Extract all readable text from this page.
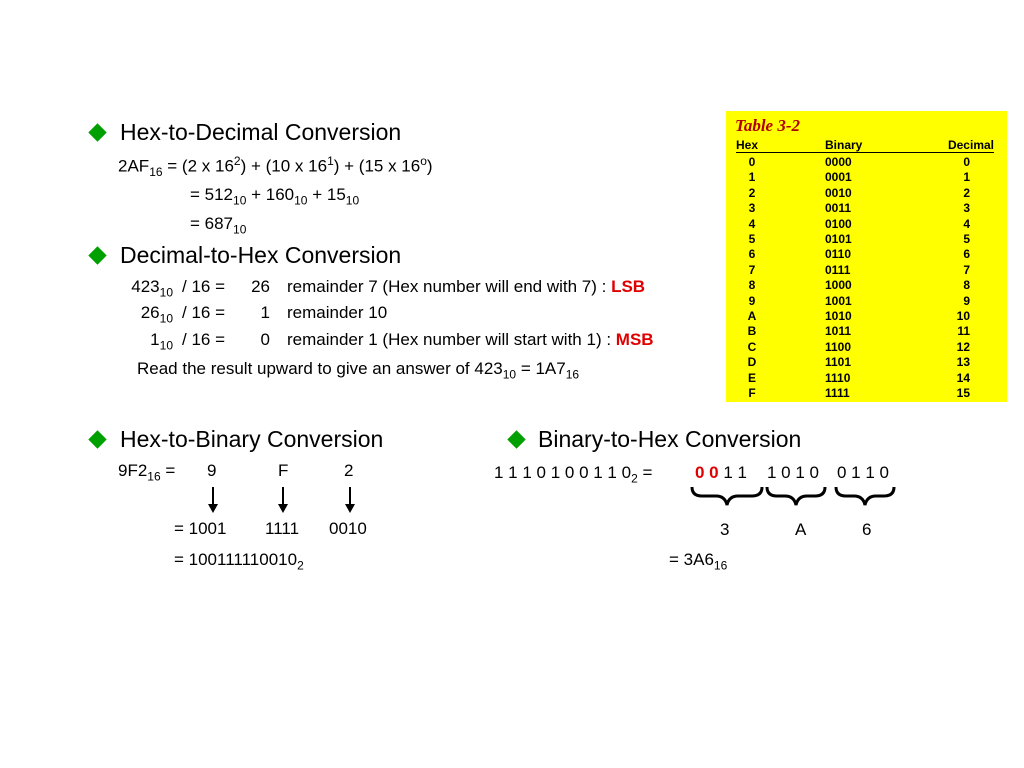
Hex-to-Decimal Conversion
$2AF_{16} = (2$ x $16^2) + (10$ x $16^1) + (15$ x $16^o$)
= $512_{10} + 160_{10} + 15_{10}$
= $687_{10}$
Decimal-to-Hex Conversion
$423_{10} / 16 = 26$ remainder 7 (Hex number will end with 7) : LSB
$26_{10} / 16 = 1$ remainder 10
$1_{10} / 16 = 0$ remainder 1 (Hex number will start with 1) : MSB
Read the result upward to give an answer of $423_{10} = 1A7_{16}$
Table 3-2
Hex	Binary	Decimal
0	0000	0
1	0001	1
2	0010	2
3	0011	3
4	0100	4
5	0101	5
6	0110	6
7	0111	7
8	1000	8
9	1001	9
A	1010	10
B	1011	11
C	1100	12
D	1101	13
E	1110	14
F	1111	15
Hex-to-Binary Conversion
$9F2_{16} = 9$	F	2
= 1001 1111 0010
= $100111110010_2$
Binary-to-Hex Conversion
1 1 1 0 1 0 0 1 1 $0_2$ =	0 0 1 1 1 0 1 0 0 1 1 0
3	A	6
= $3A6_{16}$
